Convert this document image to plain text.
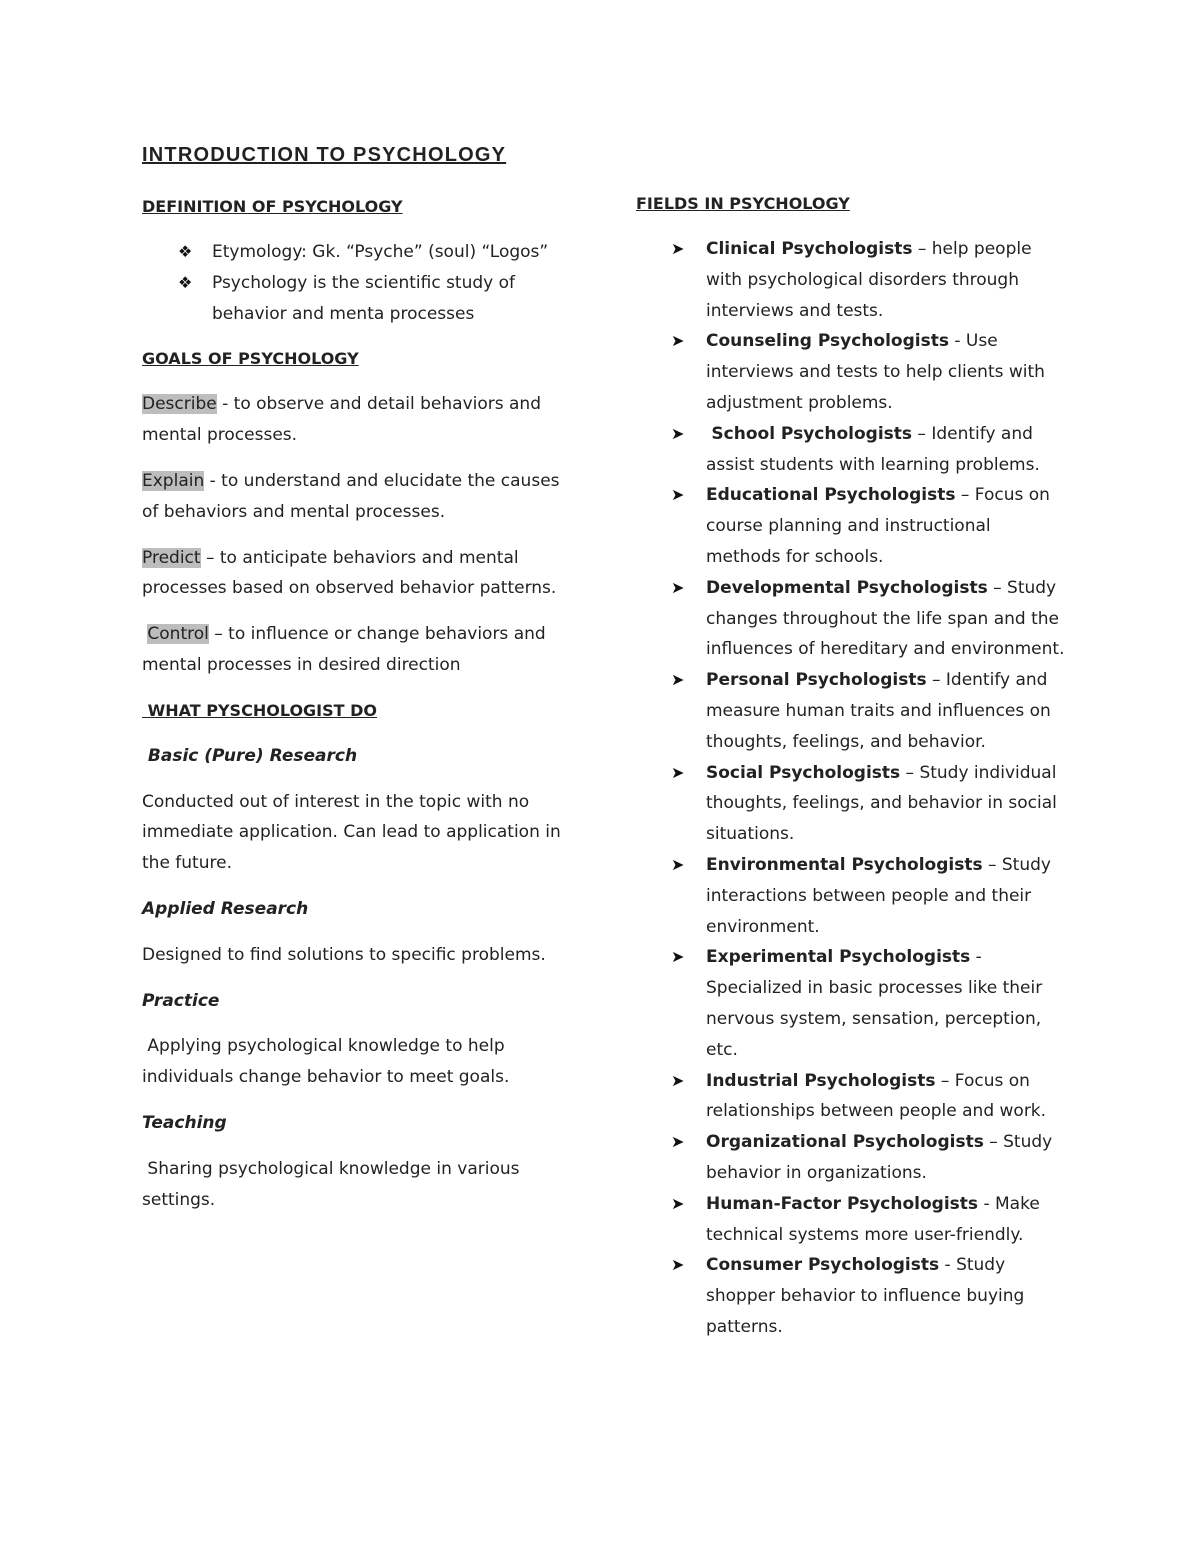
INTRODUCTION TO PSYCHOLOGY
DEFINITION OF PSYCHOLOGY
❖ Etymology: Gk. “Psyche” (soul) “Logos”
❖ Psychology is the scientific study of behavior and menta processes
GOALS OF PSYCHOLOGY

Describe - to observe and detail behaviors and mental processes.

Explain - to understand and elucidate the causes of behaviors and mental processes.

Predict – to anticipate behaviors and mental processes based on observed behavior patterns.

Control – to influence or change behaviors and mental processes in desired direction

WHAT PYSCHOLOGIST DO

Basic (Pure) Research

Conducted out of interest in the topic with no immediate application. Can lead to application in the future.

Applied Research

Designed to find solutions to specific problems.

Practice

Applying psychological knowledge to help individuals change behavior to meet goals.

Teaching

Sharing psychological knowledge in various settings.

FIELDS IN PSYCHOLOGY
➤ Clinical Psychologists – help people with psychological disorders through interviews and tests.
➤ Counseling Psychologists - Use interviews and tests to help clients with adjustment problems.
➤ School Psychologists – Identify and assist students with learning problems.
➤ Educational Psychologists – Focus on course planning and instructional methods for schools.
➤ Developmental Psychologists – Study changes throughout the life span and the influences of hereditary and environment.
➤ Personal Psychologists – Identify and measure human traits and influences on thoughts, feelings, and behavior.
➤ Social Psychologists – Study individual thoughts, feelings, and behavior in social situations.
➤ Environmental Psychologists – Study interactions between people and their environment.
➤ Experimental Psychologists -Specialized in basic processes like their nervous system, sensation, perception, etc.
➤ Industrial Psychologists – Focus on relationships between people and work.
➤ Organizational Psychologists – Study behavior in organizations.
➤ Human-Factor Psychologists - Make technical systems more user-friendly.
➤ Consumer Psychologists - Study shopper behavior to influence buying patterns.
